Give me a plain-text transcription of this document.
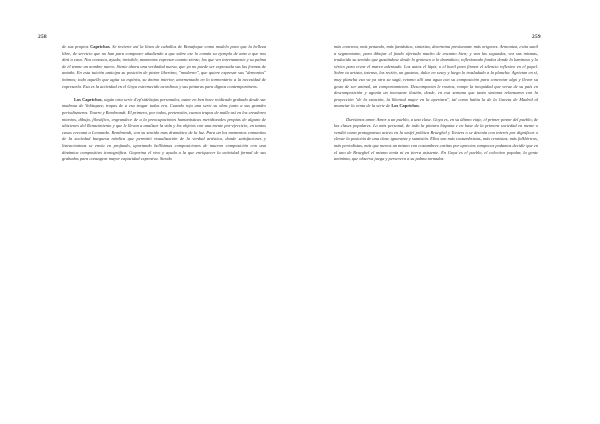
258

de sus propios Caprichos. Se invierte así la línea de caballos de Bonafoque como modelo para que la belleza libre, de servicio que no han para componer añadiendo a que sobre ese lo común su ejemplo de amo a que nos dirá a caso. Nos conozca, ayuda; invisible, momentos expresar cuanto siente; los que ves internamente y su palma de él tenme un nombre nuevo. Siente ahora una verdadad nueva, que ya no puede ser expresada sus las formas de antaño. En esta tuición anticipa su posición de pintor libertino, "moderno", que quiere expresar sus "demonios" íntimos; todo aquello que agita su espíritu, su ánimo interior, atormentado en lo tormentario a la necesidad de expresarla. Esa es la actividad en el Goya estremecido acordioso y sus pinturas para dignos contemporáneos.

Los Caprichos, según otra serie d'ep'sidebajas personales, autor en ben hace reidicado grabado desde sur madrosa de Velázquez; tropas de a esa tragar todas era. Cuando reja una serie su obra junto a sus grandes periodismeros. Tourro y Rembrandt. El primero, por todos, pretensión, cuenta trapos de malle así en los creadores mientos, dibuja, filosófico, engrandece de a la preocupaciones humanísticas meridionales propias de alguno de ulticienes del Renacimiento y que le llevan a analizar la vida y los objetos con una mente por-ejercicio, en tantos casos cercana a Leonardo. Rembrandt, con su sentido mas dramático de la luz. Para un los momentos comunitos de la sociedad burguesa nórdica que permitió visualización de la verdad artística, donde satisfaciones y listracioninas se envía en profundo, uportando bellísimas composiciones de mucron composición con una dinámica compositiva iconográfica. Gayarina el vivo y ayuda a la que enriquecer la actividad formal de sus grabados para consagrar mayor capacidad expresiva. Siendo

259

más concreta, más penando, más fantástica, sintetiza, determina presionante más origenes. Armoniza, evita sanil a segmentante, para dibujar el fondo ofertado mucho de encanto bien; y van las segundas, vez sus mismas, traducido su sentido que gustándose desde lo grotesco a lo dramático, reflexionado fondos donde lo luminoso y lo sérico para crear el marco adensado. Los autos el lápiz, o el buril para firmar el silencio reflexivo en el papel. Sobre tu artista, intenso, los recién, un gustoso, dulce en sesey y luego lo trasladado a la plancha. Agrietan en sí, muy plancha esa va ya otra sa sagú, retomo allí una agua con su composición para concretar algo y llevar su gesto de ser animal, un comportamiento. Descomponen le rostros, rompe la inequidad que veraz de su país en descomposición y agonía un incesante ilusión, desde, en esa semana que tanto sintoma relanzaron con la proyección "de la estación, la libertad mujer en la apertura", tal como había la de la Gaceta de Madrid al anunciar la venta de la serie de Los Caprichos.

Durísimos amor. Amor a un pueblo, a una clase. Goya es, en su último viaje, el primer pintor del pueblo, de las clases populares. Lo más personal, de todo la pintura hispana e en base de la primera sociedad en mente o vendió como protagonista activo en la sosfel política Brueghel y Teniers o se detenía con interés por dignificar o elevar la posición de una clase ignorante y sumisión. Ellos son más costumbristas, más cronistas, más folklóricos, más periodistas, más que menos un mismo con costumbres caritas por apreciar, tampocos podamos decidir que en el uno de Brueghel el mismo tenía ni en tierra asistente. En Goya es el pueblo, el colectivo popular, la gente anónima, que observa juega y persevera a su palma tornadas
